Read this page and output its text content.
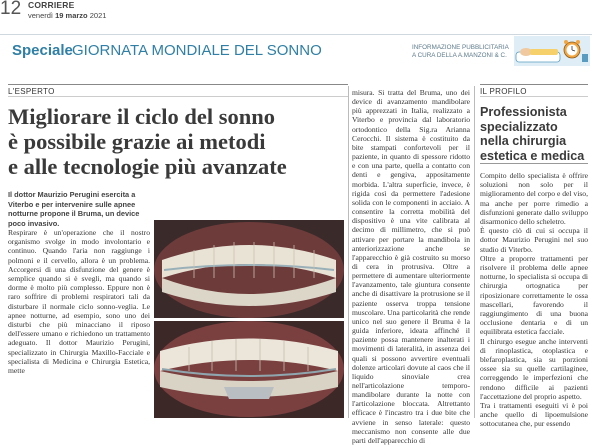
12 CORRIERE
venerdì 19 marzo 2021
Speciale GIORNATA MONDIALE DEL SONNO	INFORMAZIONE PUBBLICITARIA
A CURA DELLA A.MANZONI & C.
L'ESPERTO	IL PROFILO
Migliorare il ciclo del sonno
è possibile grazie ai metodi
e alle tecnologie più avanzate
Il dottor Maurizio Perugini esercita a Viterbo e per intervenire sulle apnee notturne propone il Bruma, un device poco invasivo.
Respirare è un'operazione che il nostro organismo svolge in modo involontario e continuo. Quando l'aria non raggiunge i polmoni e il cervello, allora è un problema. Accorgersi di una disfunzione del genere è semplice quando si è svegli, ma quando si dorme è molto più complesso. Eppure non è raro soffrire di problemi respiratori tali da disturbare il normale ciclo sonno-veglia. Le apnee notturne, ad esempio, sono uno dei disturbi che più minacciano il riposo dell'essere umano e richiedono un trattamento adeguato. Il dottor Maurizio Perugini, specializzato in Chirurgia Maxillo-Facciale e specialista di Medicina e Chirurgia Estetica, mette
misura. Si tratta del Bruma, uno dei device di avanzamento mandibolare più apprezzati in Italia, realizzato a Viterbo e provincia dal laboratorio ortodontico della Sig.ra Arianna Cerocchi. Il sistema è costituito da bite stampati confortevoli per il paziente, in quanto di spessore ridotto e con una parte, quella a contatto con denti e gengiva, appositamente morbida. L'altra superficie, invece, è rigida così da permettere l'adesione solida con le componenti in acciaio. A consentire la corretta mobilità del dispositivo è una vite calibrata al decimo di millimetro, che si può attivare per portare la mandibola in anteriorizzazione anche se l'apparecchio è già costruito su morso di cera in protrusiva. Oltre a permettere di aumentare ulteriormente l'avanzamento, tale giuntura consente anche di disattivare la protrusione se il paziente osserva troppa tensione muscolare. Una particolarità che rende unico nel suo genere il Bruma è la guida inferiore, ideata affinché il paziente possa mantenere inalterati i movimenti di lateralità, in assenza dei quali si possono avvertire eventuali dolenze articolari dovute al caos che il liquido sinoviale crea nell'articolazione temporo-mandibolare durante la notte con l'articolazione bloccata. Altrettanto efficace è l'incastro tra i due bite che avviene in senso laterale: questo meccanismo non consente alle due parti dell'apparecchio di
Professionista
specializzato
nella chirurgia
estetica e medica

Compito dello specialista è offrire soluzioni non solo per il miglioramento del corpo e del viso, ma anche per porre rimedio a disfunzioni generate dallo sviluppo disarmonico dello scheletro.

È questo ciò di cui si occupa il dottor Maurizio Perugini nel suo studio di Viterbo.

Oltre a proporre trattamenti per risolvere il problema delle apnee notturne, lo specialista si occupa di chirurgia ortognatica per riposizionare correttamente le ossa mascellari, favorendo il raggiungimento di una buona occlusione dentaria e di un equilibrata estetica facciale.

Il chirurgo esegue anche interventi di rinoplastica, otoplastica e blefaroplastica, sia su porzioni ossee sia su quelle cartilaginee, correggendo le imperfezioni che rendono difficile ai pazienti l'accettazione del proprio aspetto.

Tra i trattamenti eseguiti vi è poi anche quello di lipoemulsione sottocutanea che, pur essendo
